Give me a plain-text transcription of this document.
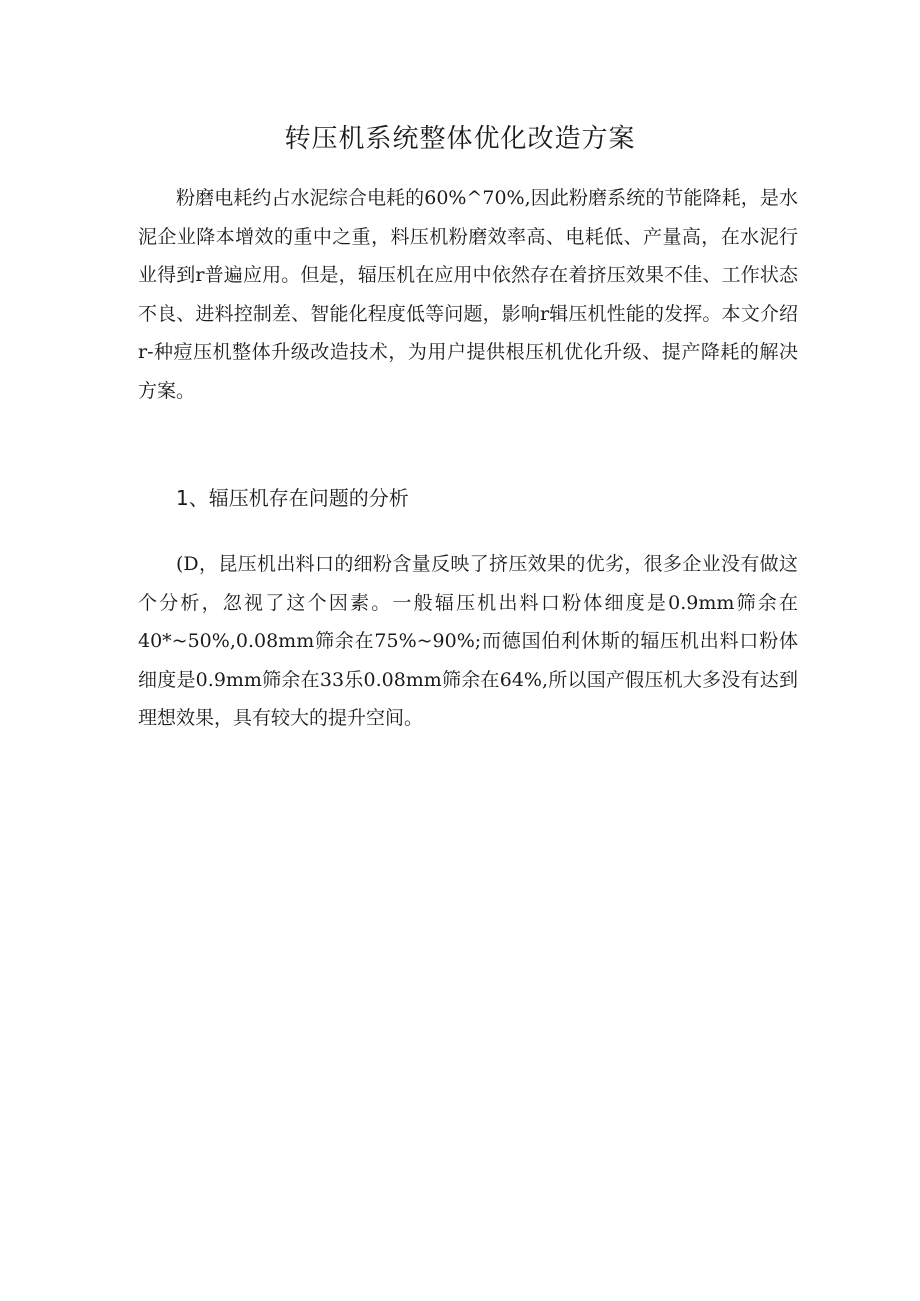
转压机系统整体优化改造方案

粉磨电耗约占水泥综合电耗的60%^70%,因此粉磨系统的节能降耗，是水泥企业降本增效的重中之重，料压机粉磨效率高、电耗低、产量高，在水泥行业得到r普遍应用。但是，辐压机在应用中依然存在着挤压效果不佳、工作状态不良、进料控制差、智能化程度低等问题，影响r辑压机性能的发挥。本文介绍r-种痘压机整体升级改造技术，为用户提供根压机优化升级、提产降耗的解决方案。

1、辐压机存在问题的分析

(D，昆压机出料口的细粉含量反映了挤压效果的优劣，很多企业没有做这个分析，忽视了这个因素。一般辐压机出料口粉体细度是0.9mm筛余在40*~50%,0.08mm筛余在75%~90%;而德国伯利休斯的辐压机出料口粉体细度是0.9mm筛余在33乐0.08mm筛余在64%,所以国产假压机大多没有达到理想效果，具有较大的提升空间。
